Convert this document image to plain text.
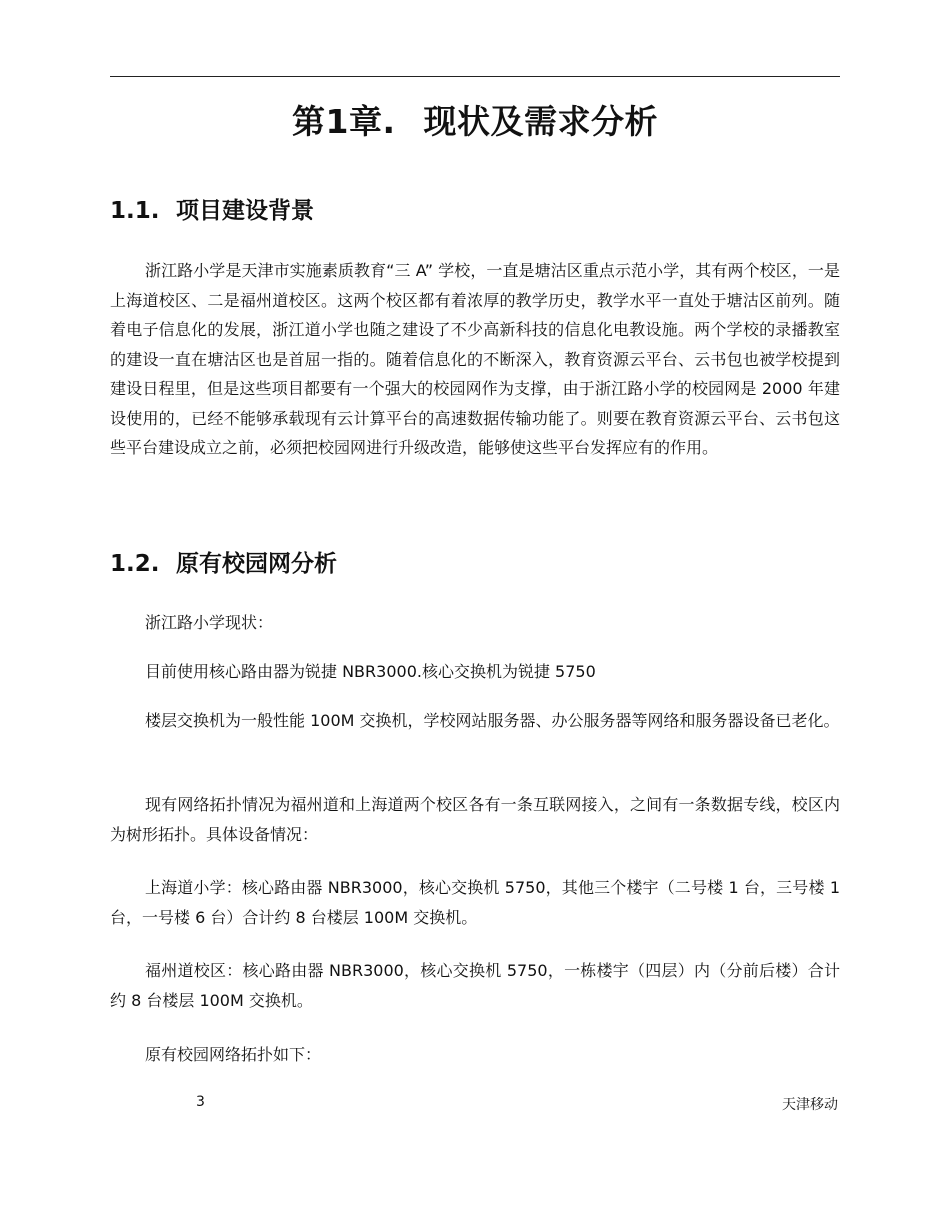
第1章. 现状及需求分析
1.1. 项目建设背景

浙江路小学是天津市实施素质教育“三 A” 学校，一直是塘沽区重点示范小学，其有两个校区，一是上海道校区、二是福州道校区。这两个校区都有着浓厚的教学历史，教学水平一直处于塘沽区前列。随着电子信息化的发展，浙江道小学也随之建设了不少高新科技的信息化电教设施。两个学校的录播教室的建设一直在塘沽区也是首屈一指的。随着信息化的不断深入，教育资源云平台、云书包也被学校提到建设日程里，但是这些项目都要有一个强大的校园网作为支撑，由于浙江路小学的校园网是 2000 年建设使用的，已经不能够承载现有云计算平台的高速数据传输功能了。则要在教育资源云平台、云书包这些平台建设成立之前，必须把校园网进行升级改造，能够使这些平台发挥应有的作用。

1.2. 原有校园网分析

浙江路小学现状：

目前使用核心路由器为锐捷 NBR3000.核心交换机为锐捷 5750

楼层交换机为一般性能 100M 交换机，学校网站服务器、办公服务器等网络和服务器设备已老化。

现有网络拓扑情况为福州道和上海道两个校区各有一条互联网接入，之间有一条数据专线，校区内为树形拓扑。具体设备情况：

上海道小学：核心路由器 NBR3000，核心交换机 5750，其他三个楼宇（二号楼 1 台，三号楼 1 台，一号楼 6 台）合计约 8 台楼层 100M 交换机。

福州道校区：核心路由器 NBR3000，核心交换机 5750，一栋楼宇（四层）内（分前后楼）合计约 8 台楼层 100M 交换机。

原有校园网络拓扑如下：

3	天津移动
